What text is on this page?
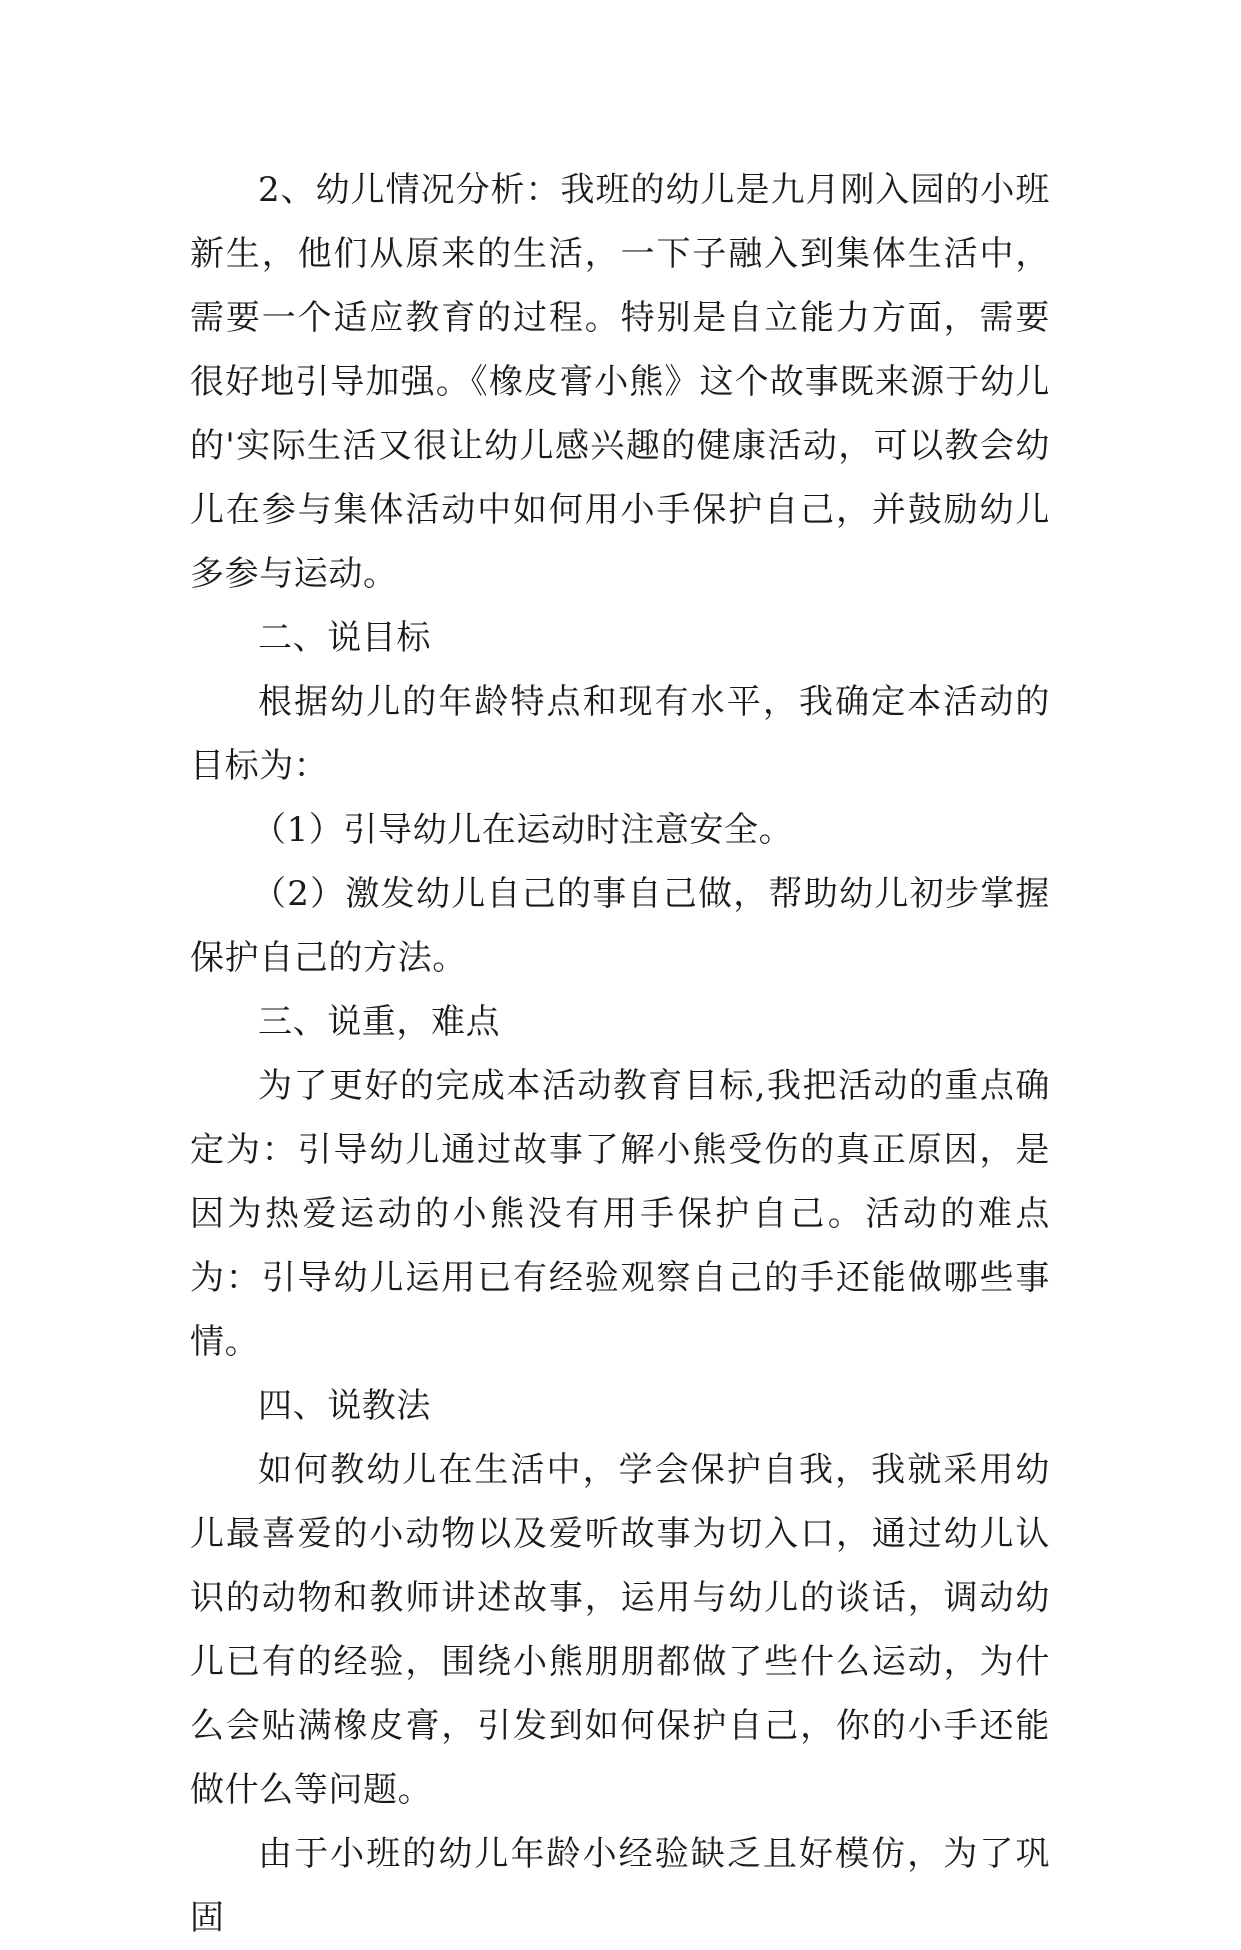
2、幼儿情况分析：我班的幼儿是九月刚入园的小班新生，他们从原来的生活，一下子融入到集体生活中，需要一个适应教育的过程。特别是自立能力方面，需要很好地引导加强。《橡皮膏小熊》这个故事既来源于幼儿的'实际生活又很让幼儿感兴趣的健康活动，可以教会幼儿在参与集体活动中如何用小手保护自己，并鼓励幼儿多参与运动。

二、说目标

根据幼儿的年龄特点和现有水平，我确定本活动的目标为：

（1）引导幼儿在运动时注意安全。

（2）激发幼儿自己的事自己做，帮助幼儿初步掌握保护自己的方法。

三、说重，难点

为了更好的完成本活动教育目标,我把活动的重点确定为：引导幼儿通过故事了解小熊受伤的真正原因，是因为热爱运动的小熊没有用手保护自己。活动的难点为：引导幼儿运用已有经验观察自己的手还能做哪些事情。

四、说教法

如何教幼儿在生活中，学会保护自我，我就采用幼儿最喜爱的小动物以及爱听故事为切入口，通过幼儿认识的动物和教师讲述故事，运用与幼儿的谈话，调动幼儿已有的经验，围绕小熊朋朋都做了些什么运动，为什么会贴满橡皮膏，引发到如何保护自己，你的小手还能做什么等问题。

由于小班的幼儿年龄小经验缺乏且好模仿，为了巩固
